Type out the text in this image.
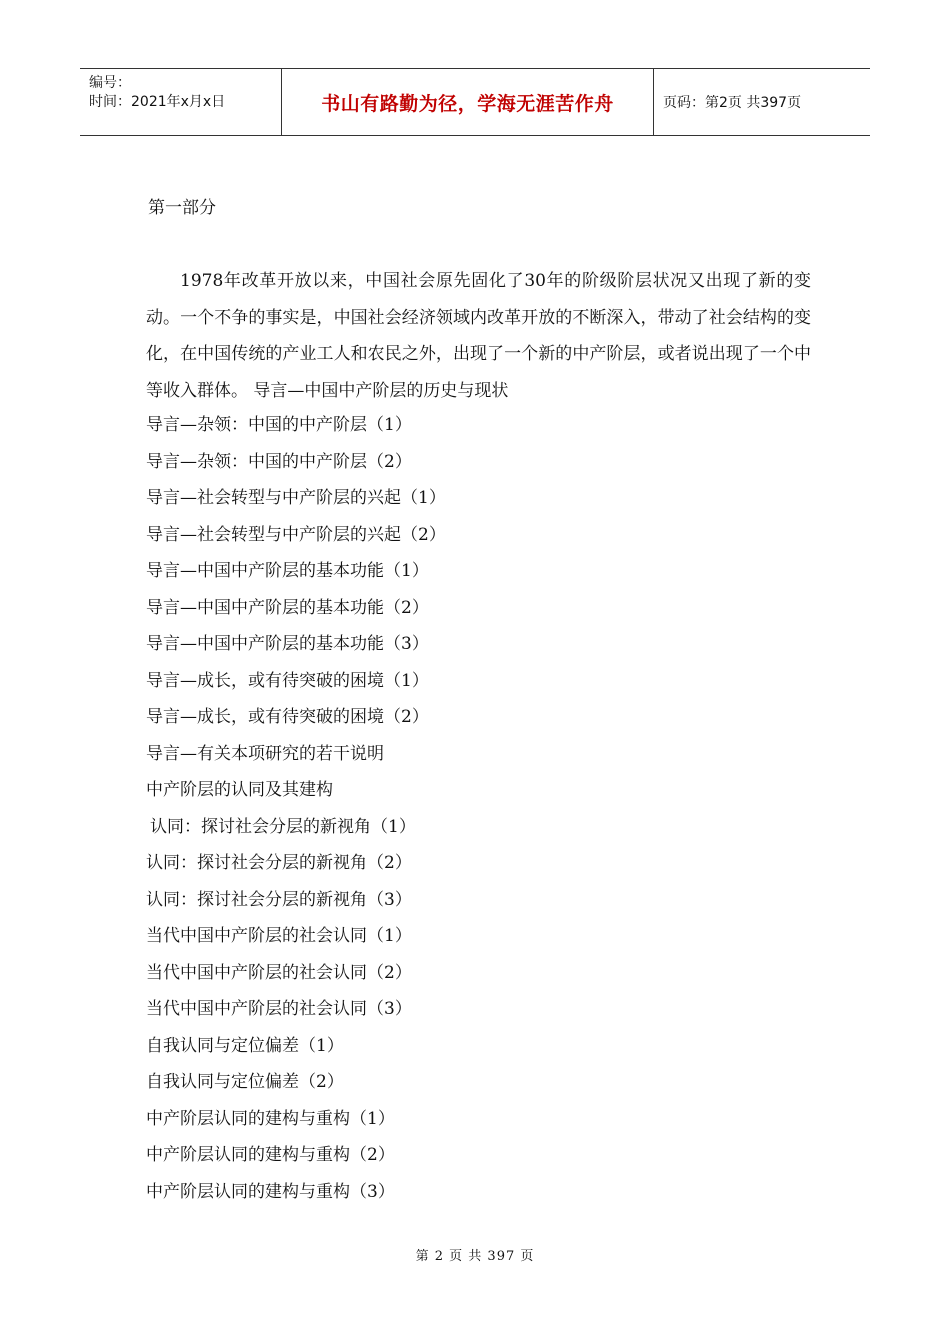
编号：
时间：2021年x月x日	书山有路勤为径，学海无涯苦作舟	页码：第2页 共397页
第一部分

1978年改革开放以来，中国社会原先固化了30年的阶级阶层状况又出现了新的变动。一个不争的事实是，中国社会经济领域内改革开放的不断深入，带动了社会结构的变化，在中国传统的产业工人和农民之外，出现了一个新的中产阶层，或者说出现了一个中等收入群体。 导言—中国中产阶层的历史与现状

导言—杂领：中国的中产阶层（1）
导言—杂领：中国的中产阶层（2）
导言—社会转型与中产阶层的兴起（1）
导言—社会转型与中产阶层的兴起（2）
导言—中国中产阶层的基本功能（1）
导言—中国中产阶层的基本功能（2）
导言—中国中产阶层的基本功能（3）
导言—成长，或有待突破的困境（1）
导言—成长，或有待突破的困境（2）
导言—有关本项研究的若干说明
中产阶层的认同及其建构
认同：探讨社会分层的新视角（1）
认同：探讨社会分层的新视角（2）
认同：探讨社会分层的新视角（3）
当代中国中产阶层的社会认同（1）
当代中国中产阶层的社会认同（2）
当代中国中产阶层的社会认同（3）
自我认同与定位偏差（1）
自我认同与定位偏差（2）
中产阶层认同的建构与重构（1）
中产阶层认同的建构与重构（2）
中产阶层认同的建构与重构（3）
第 2 页 共 397 页
